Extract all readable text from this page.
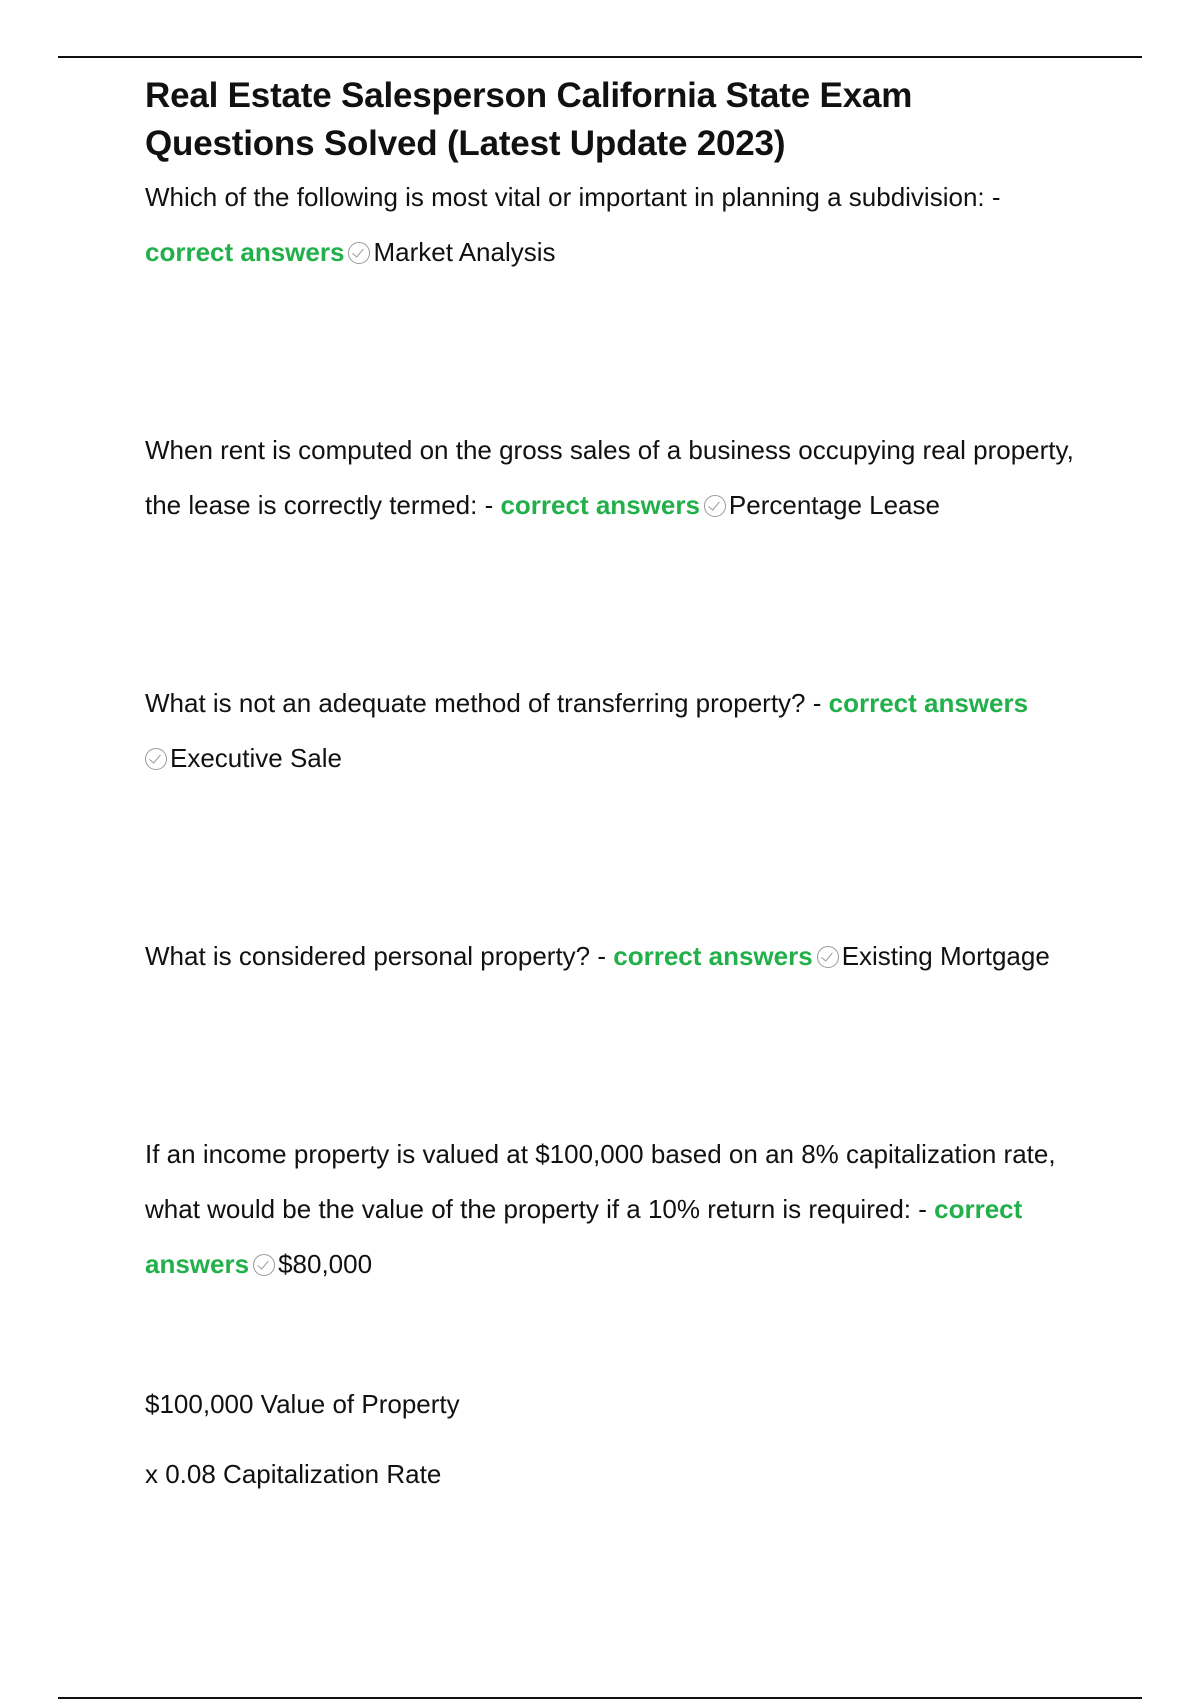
Real Estate Salesperson California State Exam Questions Solved (Latest Update 2023)

Which of the following is most vital or important in planning a subdivision: - correct answers Market Analysis

When rent is computed on the gross sales of a business occupying real property, the lease is correctly termed: - correct answers Percentage Lease

What is not an adequate method of transferring property? - correct answers
Executive Sale

What is considered personal property? - correct answers Existing Mortgage

If an income property is valued at $100,000 based on an 8% capitalization rate, what would be the value of the property if a 10% return is required: - correct answers $80,000

$100,000 Value of Property

x 0.08 Capitalization Rate
